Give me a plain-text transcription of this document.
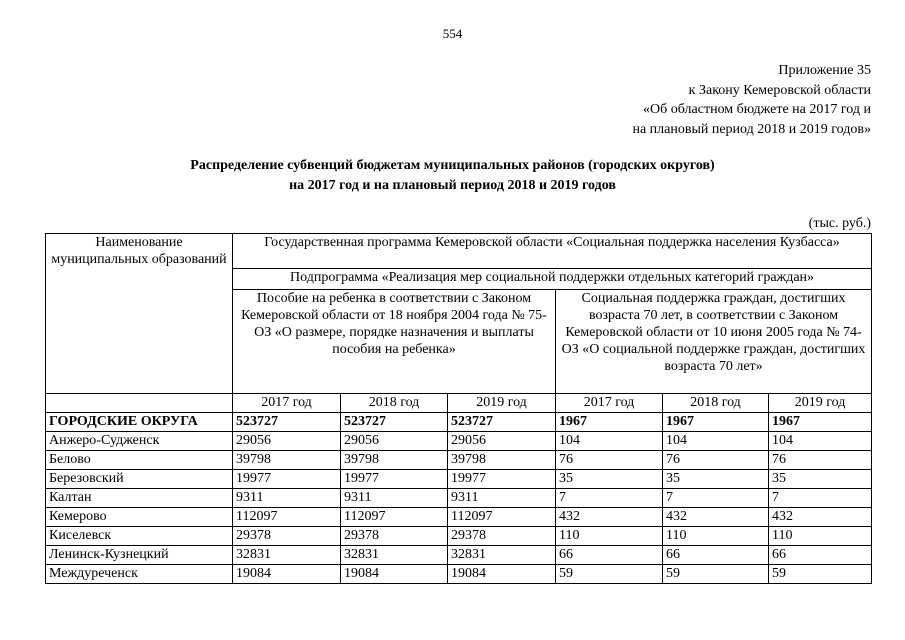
554
Приложение 35
к Закону Кемеровской области
«Об областном бюджете на 2017 год и
на плановый период 2018 и 2019 годов»
Распределение субвенций бюджетам муниципальных районов (городских округов)
на 2017 год и на плановый период 2018 и 2019 годов
(тыс. руб.)
Наименование муниципальных образований	Государственная программа Кемеровской области «Социальная поддержка населения Кузбасса»					
	Подпрограмма «Реализация мер социальной поддержки отдельных категорий граждан»					
	Пособие на ребенка в соответствии с Законом Кемеровской области от 18 ноября 2004 года № 75-ОЗ «О размере, порядке назначения и выплаты пособия на ребенка»			Социальная поддержка граждан, достигших возраста 70 лет, в соответствии с Законом Кемеровской области от 10 июня 2005 года № 74-ОЗ «О социальной поддержке граждан, достигших возраста 70 лет»		
	2017 год	2018 год	2019 год	2017 год	2018 год	2019 год
ГОРОДСКИЕ ОКРУГА	523727	523727	523727	1967	1967	1967
Анжеро-Судженск	29056	29056	29056	104	104	104
Белово	39798	39798	39798	76	76	76
Березовский	19977	19977	19977	35	35	35
Калтан	9311	9311	9311	7	7	7
Кемерово	112097	112097	112097	432	432	432
Киселевск	29378	29378	29378	110	110	110
Ленинск-Кузнецкий	32831	32831	32831	66	66	66
Междуреченск	19084	19084	19084	59	59	59
